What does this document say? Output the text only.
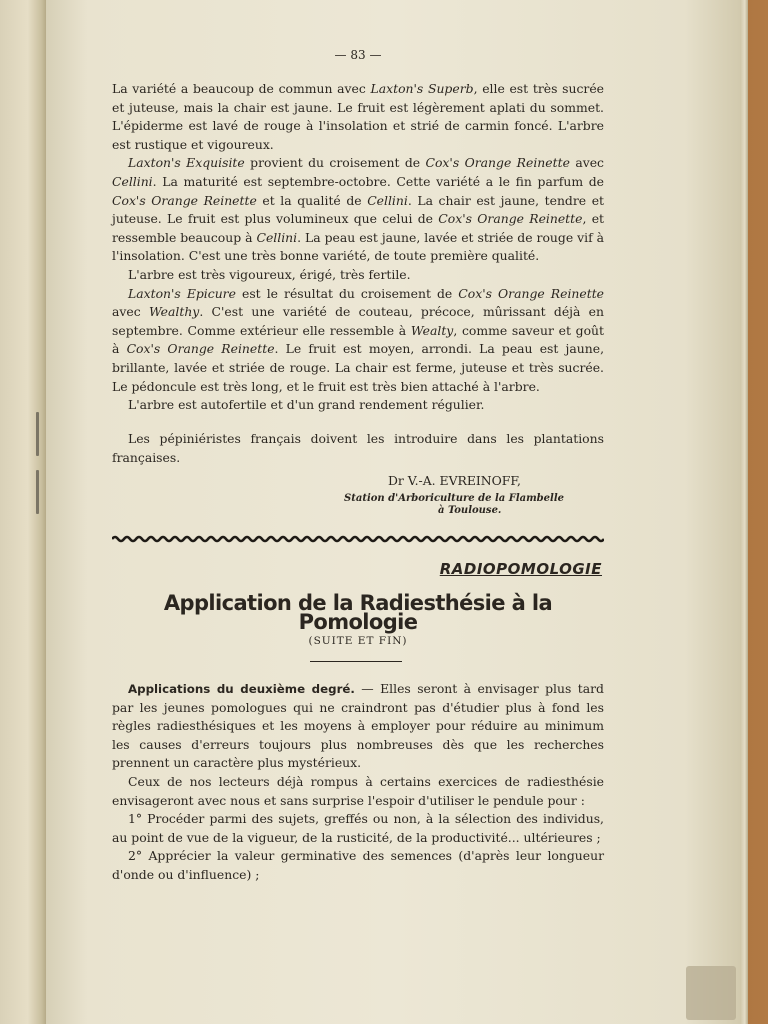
— 83 —

La variété a beaucoup de commun avec Laxton's Superb, elle est très sucrée et juteuse, mais la chair est jaune. Le fruit est légèrement aplati du sommet. L'épiderme est lavé de rouge à l'insolation et strié de carmin foncé. L'arbre est rustique et vigoureux.

Laxton's Exquisite provient du croisement de Cox's Orange Reinette avec Cellini. La maturité est septembre-octobre. Cette variété a le fin parfum de Cox's Orange Reinette et la qualité de Cellini. La chair est jaune, tendre et juteuse. Le fruit est plus volumineux que celui de Cox's Orange Reinette, et ressemble beaucoup à Cellini. La peau est jaune, lavée et striée de rouge vif à l'insolation. C'est une très bonne variété, de toute première qualité.

L'arbre est très vigoureux, érigé, très fertile.

Laxton's Epicure est le résultat du croisement de Cox's Orange Reinette avec Wealthy. C'est une variété de couteau, précoce, mûrissant déjà en septembre. Comme extérieur elle ressemble à Wealty, comme saveur et goût à Cox's Orange Reinette. Le fruit est moyen, arrondi. La peau est jaune, brillante, lavée et striée de rouge. La chair est ferme, juteuse et très sucrée. Le pédoncule est très long, et le fruit est très bien attaché à l'arbre.

L'arbre est autofertile et d'un grand rendement régulier.

Les pépiniéristes français doivent les introduire dans les plantations françaises.

Dr V.-A. EVREINOFF,
Station d'Arboriculture de la Flambelle
à Toulouse.
RADIOPOMOLOGIE
Application de la Radiesthésie à la Pomologie
(SUITE ET FIN)

Applications du deuxième degré. — Elles seront à envisager plus tard par les jeunes pomologues qui ne craindront pas d'étudier plus à fond les règles radiesthésiques et les moyens à employer pour réduire au minimum les causes d'erreurs toujours plus nombreuses dès que les recherches prennent un caractère plus mystérieux.

Ceux de nos lecteurs déjà rompus à certains exercices de radiesthésie envisageront avec nous et sans surprise l'espoir d'utiliser le pendule pour :

1° Procéder parmi des sujets, greffés ou non, à la sélection des individus, au point de vue de la vigueur, de la rusticité, de la productivité... ultérieures ;

2° Apprécier la valeur germinative des semences (d'après leur longueur d'onde ou d'influence) ;
